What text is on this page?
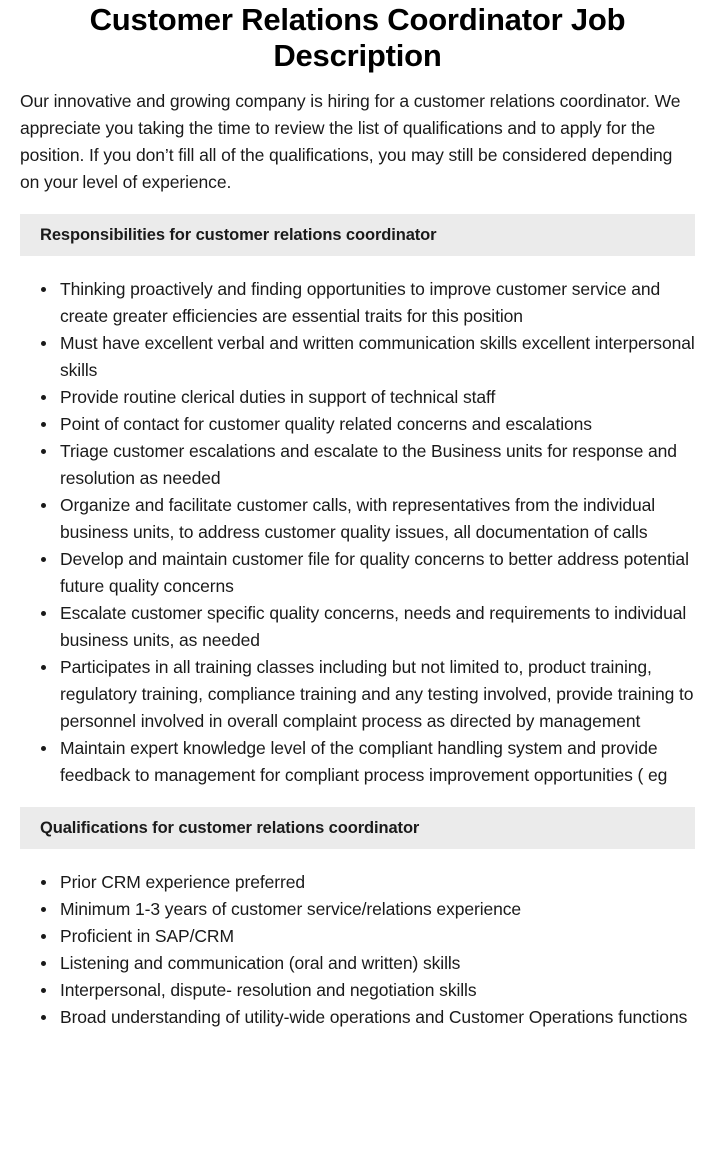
Customer Relations Coordinator Job Description

Our innovative and growing company is hiring for a customer relations coordinator. We appreciate you taking the time to review the list of qualifications and to apply for the position. If you don’t fill all of the qualifications, you may still be considered depending on your level of experience.

Responsibilities for customer relations coordinator
Thinking proactively and finding opportunities to improve customer service and create greater efficiencies are essential traits for this position
Must have excellent verbal and written communication skills excellent interpersonal skills
Provide routine clerical duties in support of technical staff
Point of contact for customer quality related concerns and escalations
Triage customer escalations and escalate to the Business units for response and resolution as needed
Organize and facilitate customer calls, with representatives from the individual business units, to address customer quality issues, all documentation of calls
Develop and maintain customer file for quality concerns to better address potential future quality concerns
Escalate customer specific quality concerns, needs and requirements to individual business units, as needed
Participates in all training classes including but not limited to, product training, regulatory training, compliance training and any testing involved, provide training to personnel involved in overall complaint process as directed by management
Maintain expert knowledge level of the compliant handling system and provide feedback to management for compliant process improvement opportunities ( eg
Qualifications for customer relations coordinator
Prior CRM experience preferred
Minimum 1-3 years of customer service/relations experience
Proficient in SAP/CRM
Listening and communication (oral and written) skills
Interpersonal, dispute- resolution and negotiation skills
Broad understanding of utility-wide operations and Customer Operations functions
